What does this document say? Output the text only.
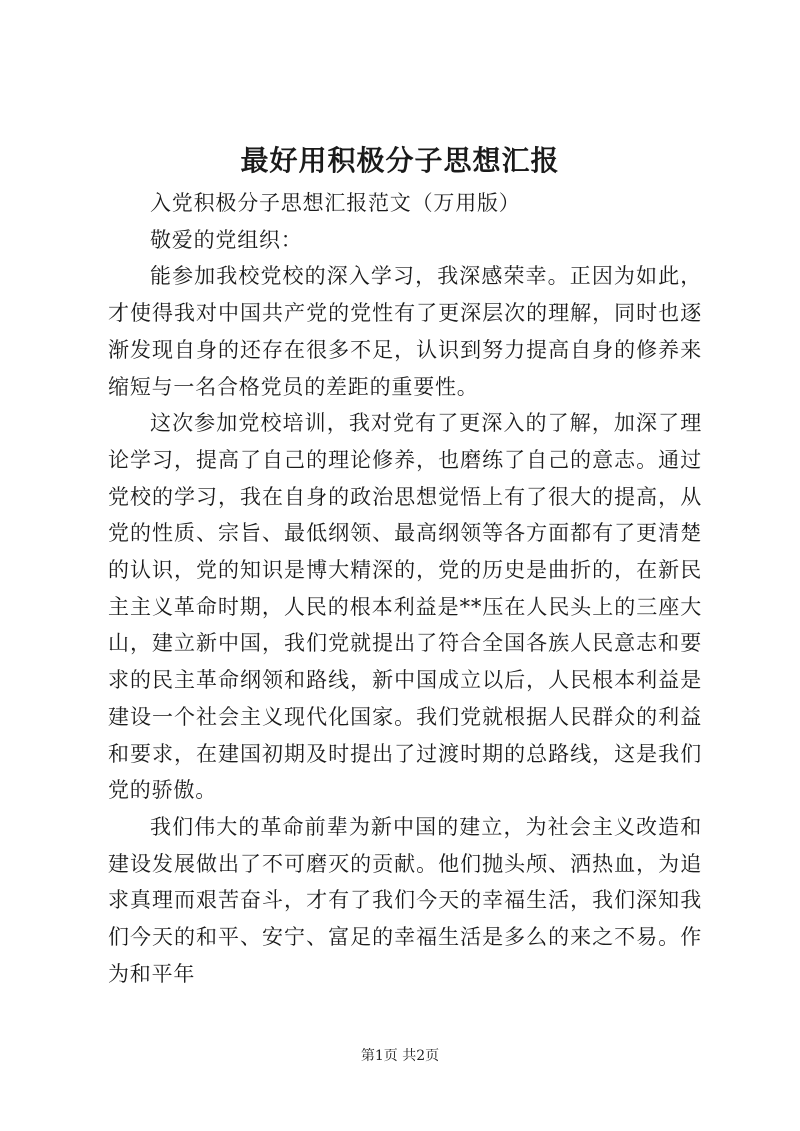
最好用积极分子思想汇报

入党积极分子思想汇报范文（万用版）

敬爱的党组织：

能参加我校党校的深入学习，我深感荣幸。正因为如此，才使得我对中国共产党的党性有了更深层次的理解，同时也逐渐发现自身的还存在很多不足，认识到努力提高自身的修养来缩短与一名合格党员的差距的重要性。

这次参加党校培训，我对党有了更深入的了解，加深了理论学习，提高了自己的理论修养，也磨练了自己的意志。通过党校的学习，我在自身的政治思想觉悟上有了很大的提高，从党的性质、宗旨、最低纲领、最高纲领等各方面都有了更清楚的认识，党的知识是博大精深的，党的历史是曲折的，在新民主主义革命时期，人民的根本利益是**压在人民头上的三座大山，建立新中国，我们党就提出了符合全国各族人民意志和要求的民主革命纲领和路线，新中国成立以后，人民根本利益是建设一个社会主义现代化国家。我们党就根据人民群众的利益和要求，在建国初期及时提出了过渡时期的总路线，这是我们党的骄傲。

我们伟大的革命前辈为新中国的建立，为社会主义改造和建设发展做出了不可磨灭的贡献。他们抛头颅、洒热血，为追求真理而艰苦奋斗，才有了我们今天的幸福生活，我们深知我们今天的和平、安宁、富足的幸福生活是多么的来之不易。作为和平年

第1页 共2页
